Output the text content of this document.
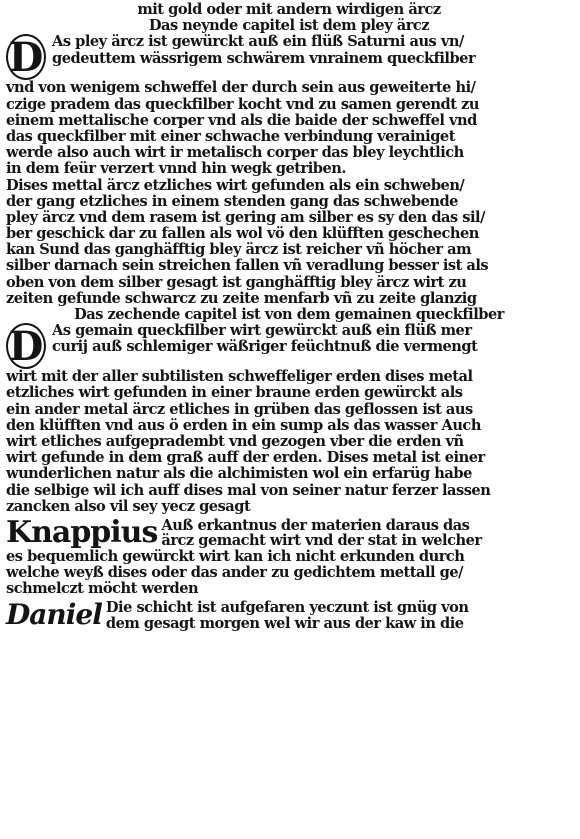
mit gold oder mit andern wirdigen ärcz
Das neynde capitel ist dem pley ärcz
D As pley ärcz ist gewürckt auß ein flüß Saturni aus vn/
gedeuttem wässrigem schwärem vnrainem queckfilber
vnd von wenigem schweffel der durch sein aus geweiterte hi/
czige pradem das queckfilber kocht vnd zu samen gerendt zu
einem mettalische corper vnd als die baide der schweffel vnd
das queckfilber mit einer schwache verbindung verainiget
werde also auch wirt ir metalisch corper das bley leychtlich
in dem feür verzert vnnd hin wegk getriben.
Dises mettal ärcz etzliches wirt gefunden als ein schweben/
der gang etzliches in einem stenden gang das schwebende
pley ärcz vnd dem rasem ist gering am silber es sy den das sil/
ber geschick dar zu fallen als wol vö den klüfften geschechen
kan Sund das ganghäfftig bley ärcz ist reicher vñ höcher am
silber darnach sein streichen fallen vñ veradlung besser ist als
oben von dem silber gesagt ist ganghäfftig bley ärcz wirt zu
zeiten gefunde schwarcz zu zeite menfarb vñ zu zeite glanzig
Das zechende capitel ist von dem gemainen queckfilber
D As gemain queckfilber wirt gewürckt auß ein flüß mer
curij auß schlemiger wäßriger feüchtnuß die vermengt
wirt mit der aller subtilisten schweffeliger erden dises metal
etzliches wirt gefunden in einer braune erden gewürckt als
ein ander metal ärcz etliches in grüben das geflossen ist aus
den klüfften vnd aus ö erden in ein sump als das wasser Auch
wirt etliches aufgepradembt vnd gezogen vber die erden vñ
wirt gefunde in dem graß auff der erden. Dises metal ist einer
wunderlichen natur als die alchimisten wol ein erfarüg habe
die selbige wil ich auff dises mal von seiner natur ferzer lassen
zancken also vil sey yecz gesagt
Knappius Auß erkantnus der materien daraus das
ärcz gemacht wirt vnd der stat in welcher
es bequemlich gewürckt wirt kan ich nicht erkunden durch
welche weyß dises oder das ander zu gedichtem mettall ge/
schmelczt möcht werden
Daniel Die schicht ist aufgefaren yeczunt ist gnüg von
dem gesagt morgen wel wir aus der kaw in die
